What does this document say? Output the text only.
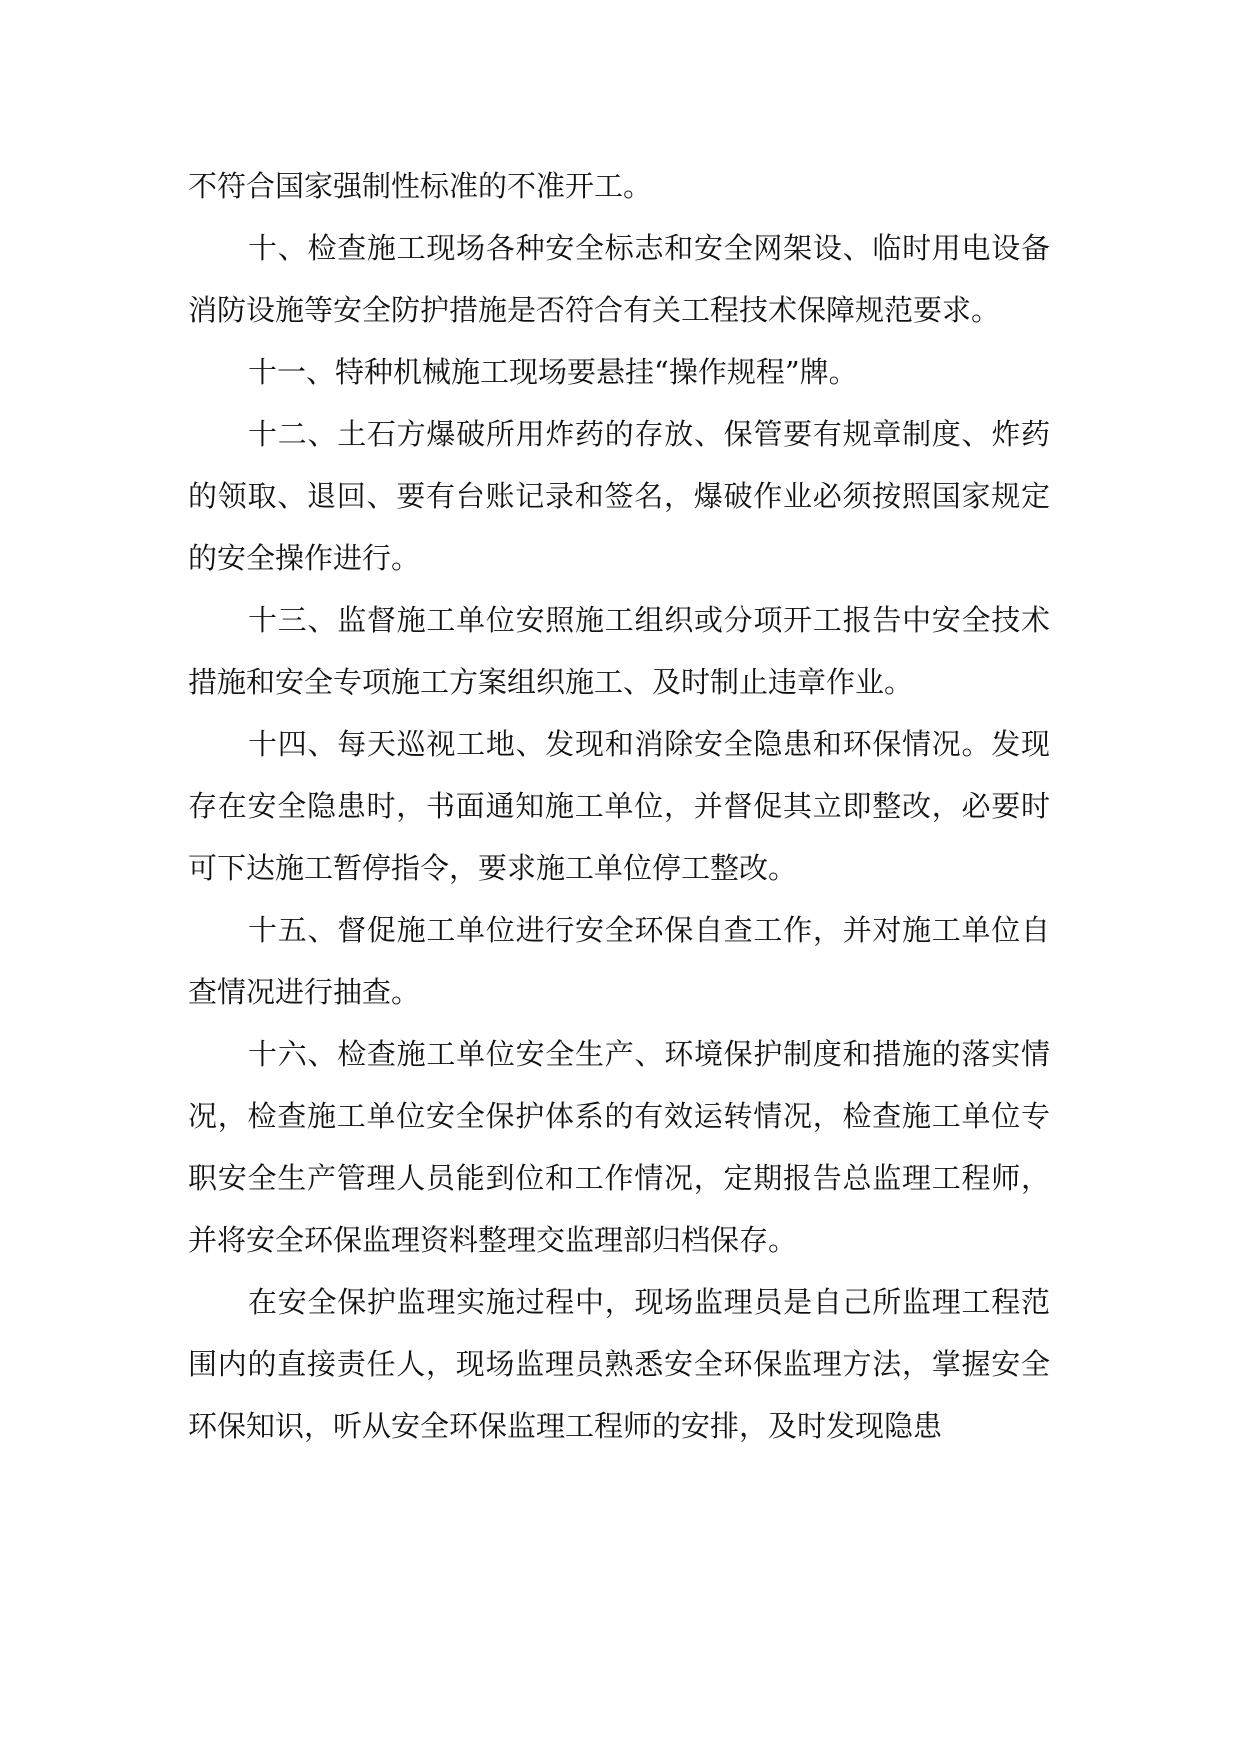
不符合国家强制性标准的不准开工。

十、检查施工现场各种安全标志和安全网架设、临时用电设备消防设施等安全防护措施是否符合有关工程技术保障规范要求。

十一、特种机械施工现场要悬挂“操作规程”牌。

十二、土石方爆破所用炸药的存放、保管要有规章制度、炸药的领取、退回、要有台账记录和签名，爆破作业必须按照国家规定的安全操作进行。

十三、监督施工单位安照施工组织或分项开工报告中安全技术措施和安全专项施工方案组织施工、及时制止违章作业。

十四、每天巡视工地、发现和消除安全隐患和环保情况。发现存在安全隐患时，书面通知施工单位，并督促其立即整改，必要时可下达施工暂停指令，要求施工单位停工整改。

十五、督促施工单位进行安全环保自查工作，并对施工单位自查情况进行抽查。

十六、检查施工单位安全生产、环境保护制度和措施的落实情况，检查施工单位安全保护体系的有效运转情况，检查施工单位专职安全生产管理人员能到位和工作情况，定期报告总监理工程师，并将安全环保监理资料整理交监理部归档保存。

在安全保护监理实施过程中，现场监理员是自己所监理工程范围内的直接责任人，现场监理员熟悉安全环保监理方法，掌握安全环保知识，听从安全环保监理工程师的安排，及时发现隐患
